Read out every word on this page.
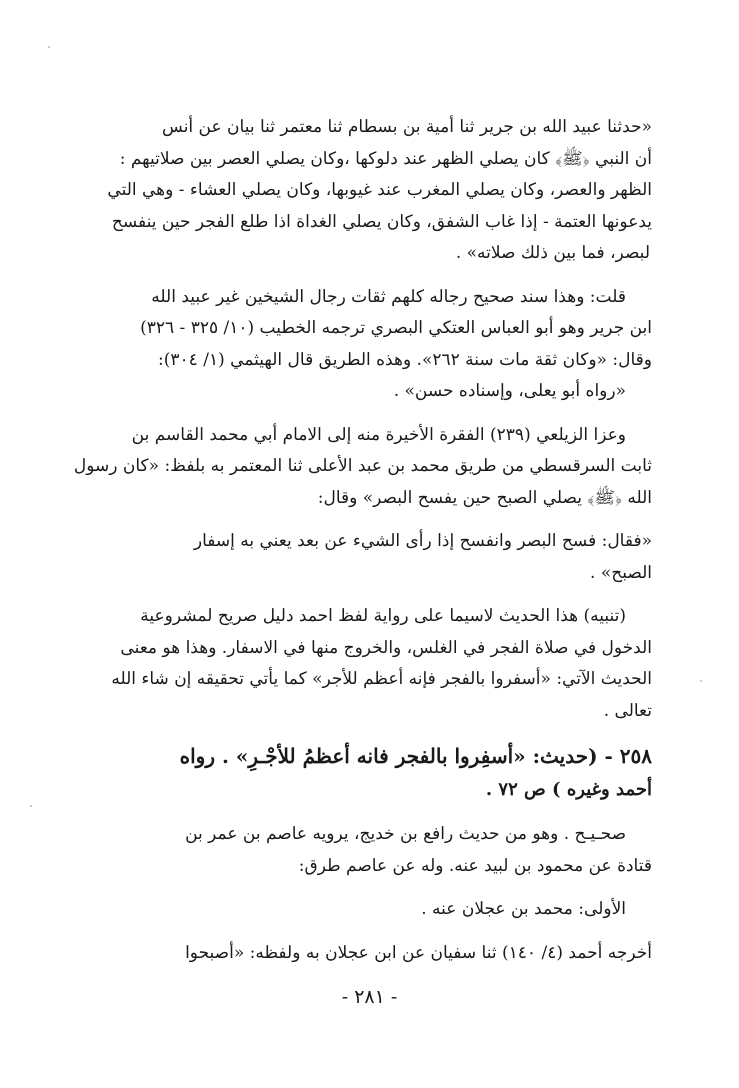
«حدثنا عبيد الله بن جرير ثنا أمية بن بسطام ثنا معتمر ثنا بيان عن أنس
أن النبي ﴿ﷺ﴾ كان يصلي الظهر عند دلوكها ،وكان يصلي العصر بين صلاتيهم :
الظهر والعصر، وكان يصلي المغرب عند غيوبها، وكان يصلي العشاء - وهي التي
يدعونها العتمة - إذا غاب الشفق، وكان يصلي الغداة اذا طلع الفجر حين ينفسح
لبصر، فما بين ذلك صلاته» .

قلت: وهذا سند صحيح رجاله كلهم ثقات رجال الشيخين غير عبيد الله
ابن جرير وهو أبو العباس العتكي البصري ترجمه الخطيب (١٠/ ٣٢٥ - ٣٢٦)
وقال: «وكان ثقة مات سنة ٢٦٢». وهذه الطريق قال الهيثمي (١/ ٣٠٤):
«رواه أبو يعلى، وإسناده حسن» .

وعزا الزيلعي (٢٣٩) الفقرة الأخيرة منه إلى الامام أبي محمد القاسم بن
ثابت السرقسطي من طريق محمد بن عبد الأعلى ثنا المعتمر به بلفظ: «كان رسول
الله ﴿ﷺ﴾ يصلي الصبح حين يفسح البصر» وقال:

«فقال: فسح البصر وانفسح إذا رأى الشيء عن بعد يعني به إسفار
الصبح» .

(تنبيه) هذا الحديث لاسيما على رواية لفظ احمد دليل صريح لمشروعية
الدخول في صلاة الفجر في الغلس، والخروج منها في الاسفار. وهذا هو معنى
الحديث الآتي: «أسفروا بالفجر فإنه أعظم للأجر» كما يأتي تحقيقه إن شاء الله
تعالى .

٢٥٨ - (حديث: «أسفِروا بالفجر فانه أعظمُ للأجْـرِ» . رواه
أحمد وغيره ) ص ٧٢ .

صحـيـح . وهو من حديث رافع بن خديج، يرويه عاصم بن عمر بن
قتادة عن محمود بن لبيد عنه. وله عن عاصم طرق:

الأولى: محمد بن عجلان عنه .

أخرجه أحمد (٤/ ١٤٠) ثنا سفيان عن ابن عجلان به ولفظه: «أصبحوا

- ٢٨١ -
